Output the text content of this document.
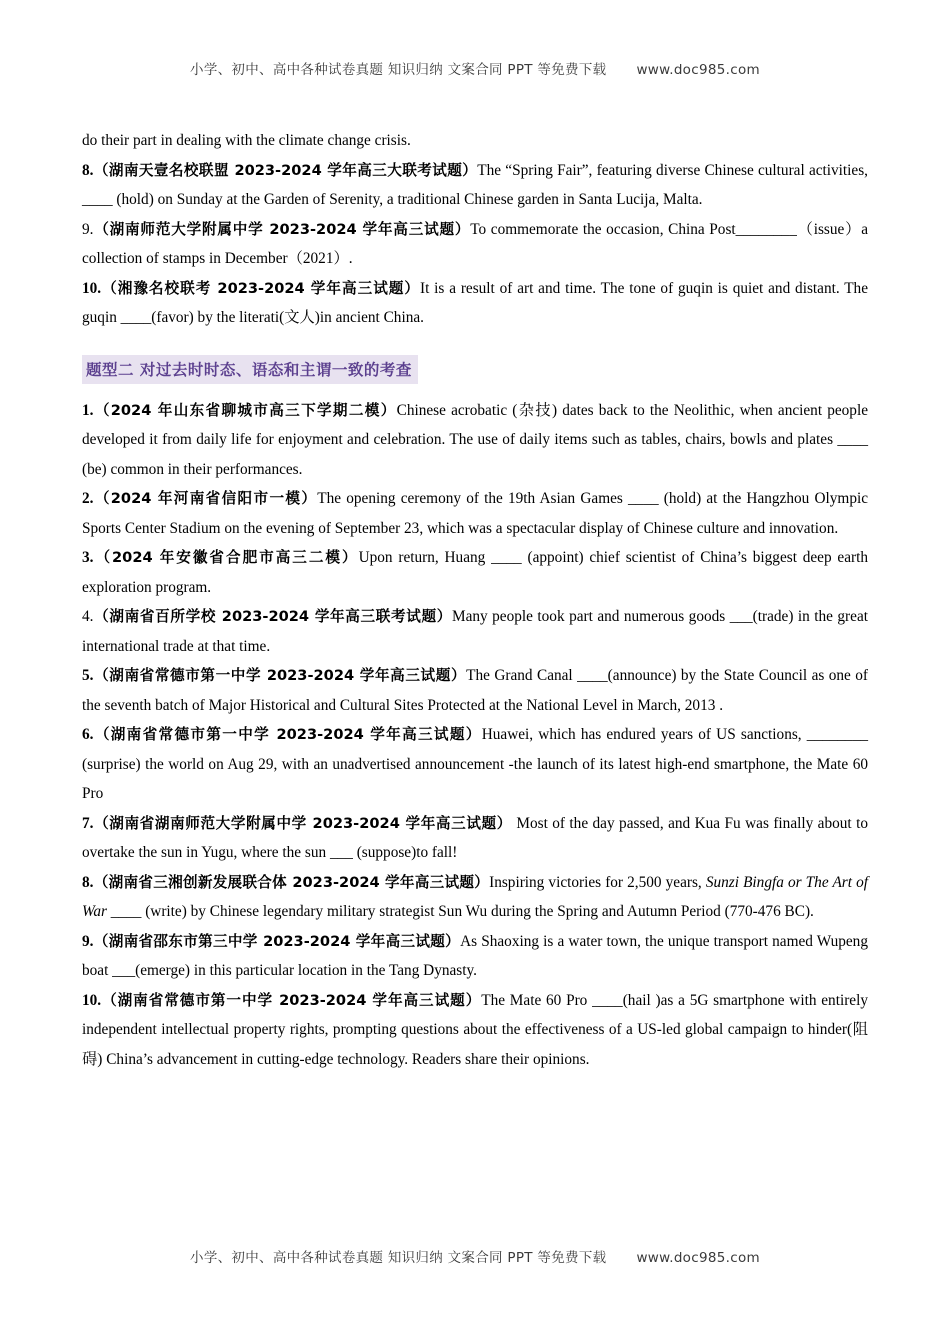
小学、初中、高中各种试卷真题 知识归纳 文案合同 PPT 等免费下载 www.doc985.com

do their part in dealing with the climate change crisis.

8.（湖南天壹名校联盟 2023-2024 学年高三大联考试题）The “Spring Fair”, featuring diverse Chinese cultural activities, ____ (hold) on Sunday at the Garden of Serenity, a traditional Chinese garden in Santa Lucija, Malta.

9.（湖南师范大学附属中学 2023-2024 学年高三试题）To commemorate the occasion, China Post________（issue）a collection of stamps in December（2021）.

10.（湘豫名校联考 2023-2024 学年高三试题）It is a result of art and time. The tone of guqin is quiet and distant. The guqin ____(favor) by the literati(文人)in ancient China.

题型二 对过去时时态、语态和主谓一致的考查

1.（2024 年山东省聊城市高三下学期二模）Chinese acrobatic (杂技) dates back to the Neolithic, when ancient people developed it from daily life for enjoyment and celebration. The use of daily items such as tables, chairs, bowls and plates ____ (be) common in their performances.

2.（2024 年河南省信阳市一模）The opening ceremony of the 19th Asian Games ____ (hold) at the Hangzhou Olympic Sports Center Stadium on the evening of September 23, which was a spectacular display of Chinese culture and innovation.

3.（2024 年安徽省合肥市高三二模）Upon return, Huang ____ (appoint) chief scientist of China’s biggest deep earth exploration program.

4.（湖南省百所学校 2023-2024 学年高三联考试题）Many people took part and numerous goods ___(trade) in the great international trade at that time.

5.（湖南省常德市第一中学 2023-2024 学年高三试题）The Grand Canal ____(announce) by the State Council as one of the seventh batch of Major Historical and Cultural Sites Protected at the National Level in March, 2013 .

6.（湖南省常德市第一中学 2023-2024 学年高三试题）Huawei, which has endured years of US sanctions, ________ (surprise) the world on Aug 29, with an unadvertised announcement -the launch of its latest high-end smartphone, the Mate 60 Pro

7.（湖南省湖南师范大学附属中学 2023-2024 学年高三试题） Most of the day passed, and Kua Fu was finally about to overtake the sun in Yugu, where the sun ___ (suppose)to fall!

8.（湖南省三湘创新发展联合体 2023-2024 学年高三试题）Inspiring victories for 2,500 years, Sunzi Bingfa or The Art of War ____ (write) by Chinese legendary military strategist Sun Wu during the Spring and Autumn Period (770-476 BC).

9.（湖南省邵东市第三中学 2023-2024 学年高三试题）As Shaoxing is a water town, the unique transport named Wupeng boat ___(emerge) in this particular location in the Tang Dynasty.

10.（湖南省常德市第一中学 2023-2024 学年高三试题）The Mate 60 Pro ____(hail )as a 5G smartphone with entirely independent intellectual property rights, prompting questions about the effectiveness of a US-led global campaign to hinder(阻碍) China’s advancement in cutting-edge technology. Readers share their opinions.

小学、初中、高中各种试卷真题 知识归纳 文案合同 PPT 等免费下载 www.doc985.com
